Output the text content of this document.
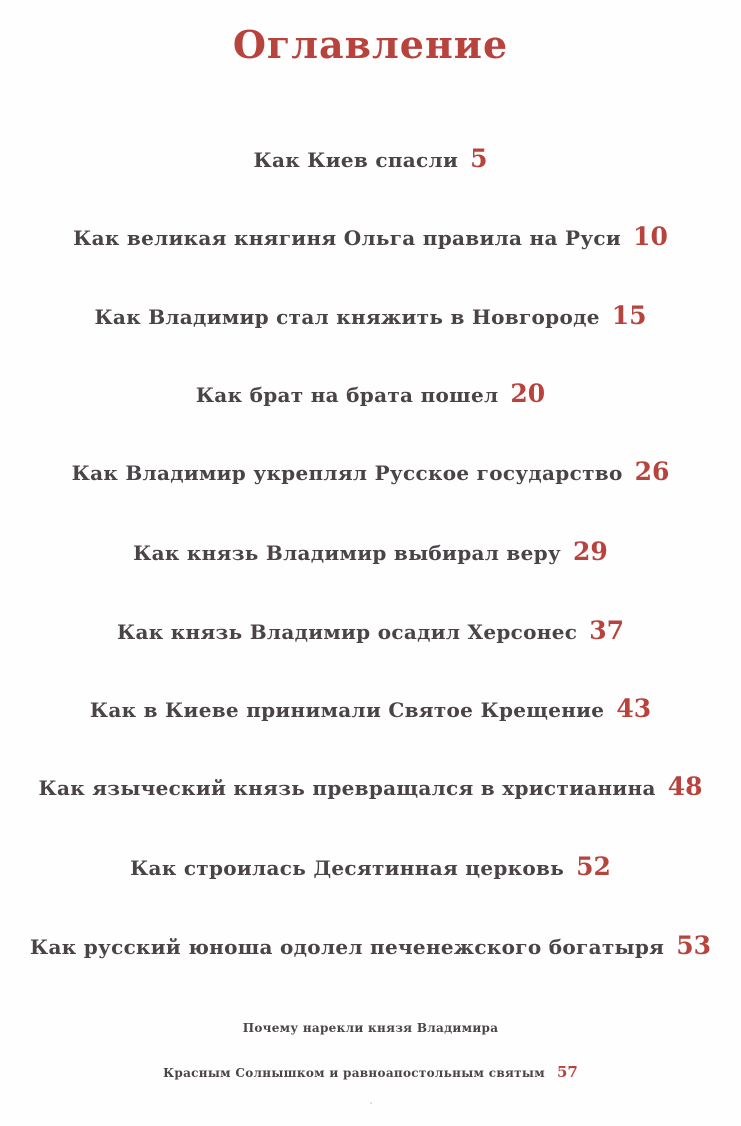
Оглавление
Как Киев спасли 5
Как великая княгиня Ольга правила на Руси 10
Как Владимир стал княжить в Новгороде 15
Как брат на брата пошел 20
Как Владимир укреплял Русское государство 26
Как князь Владимир выбирал веру 29
Как князь Владимир осадил Херсонес 37
Как в Киеве принимали Святое Крещение 43
Как языческий князь превращался в христианина 48
Как строилась Десятинная церковь 52
Как русский юноша одолел печенежского богатыря 53
Почему нарекли князя Владимира
Красным Солнышком и равноапостольным святым 57
